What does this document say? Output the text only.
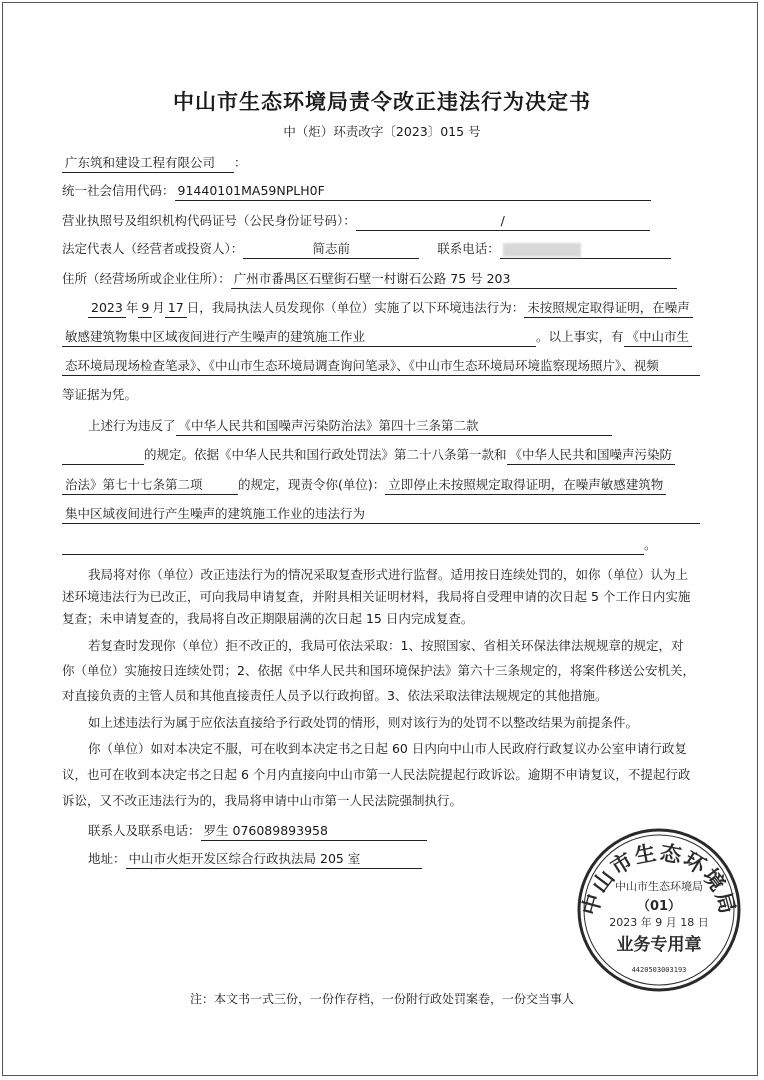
中山市生态环境局责令改正违法行为决定书
中（炬）环责改字〔2023〕015 号
广东筑和建设工程有限公司 ：
统一社会信用代码： 91440101MA59NPLH0F
营业执照号及组织机构代码证号（公民身份证号码）：	/
法定代表人（经营者或投资人）：	简志前	联系电话：
住所（经营场所或企业住所）： 广州市番禺区石壁街石壁一村谢石公路 75 号 203
2023 年 9 月 17 日，我局执法人员发现你（单位）实施了以下环境违法行为： 未按照规定取得证明，在噪声
敏感建筑物集中区域夜间进行产生噪声的建筑施工作业	。以上事实，有 《中山市生
态环境局现场检查笔录》、《中山市生态环境局调查询问笔录》、《中山市生态环境局环境监察现场照片》、视频
等证据为凭。
上述行为违反了 《中华人民共和国噪声污染防治法》第四十三条第二款
的规定。依据《中华人民共和国行政处罚法》第二十八条第一款和 《中华人民共和国噪声污染防
治法》第七十七条第二项	的规定，现责令你(单位)： 立即停止未按照规定取得证明，在噪声敏感建筑物
集中区域夜间进行产生噪声的建筑施工作业的违法行为
。
我局将对你（单位）改正违法行为的情况采取复查形式进行监督。适用按日连续处罚的，如你（单位）认为上
述环境违法行为已改正，可向我局申请复查，并附具相关证明材料，我局将自受理申请的次日起 5 个工作日内实施
复查；未申请复查的，我局将自改正期限届满的次日起 15 日内完成复查。
若复查时发现你（单位）拒不改正的，我局可依法采取：1、按照国家、省相关环保法律法规规章的规定，对
你（单位）实施按日连续处罚；2、依据《中华人民共和国环境保护法》第六十三条规定的，将案件移送公安机关，
对直接负责的主管人员和其他直接责任人员予以行政拘留。3、依法采取法律法规规定的其他措施。
如上述违法行为属于应依法直接给予行政处罚的情形，则对该行为的处罚不以整改结果为前提条件。
你（单位）如对本决定不服，可在收到本决定书之日起 60 日内向中山市人民政府行政复议办公室申请行政复
议，也可在收到本决定书之日起 6 个月内直接向中山市第一人民法院提起行政诉讼。逾期不申请复议，不提起行政
诉讼，又不改正违法行为的，我局将申请中山市第一人民法院强制执行。
联系人及联系电话： 罗生 076089893958
地址： 中山市火炬开发区综合行政执法局 205 室
中山市生态环境局
中山市生态环境局
（01）
2023 年 9 月 18 日
业务专用章
4420503003193
注：本文书一式三份，一份作存档，一份附行政处罚案卷，一份交当事人
